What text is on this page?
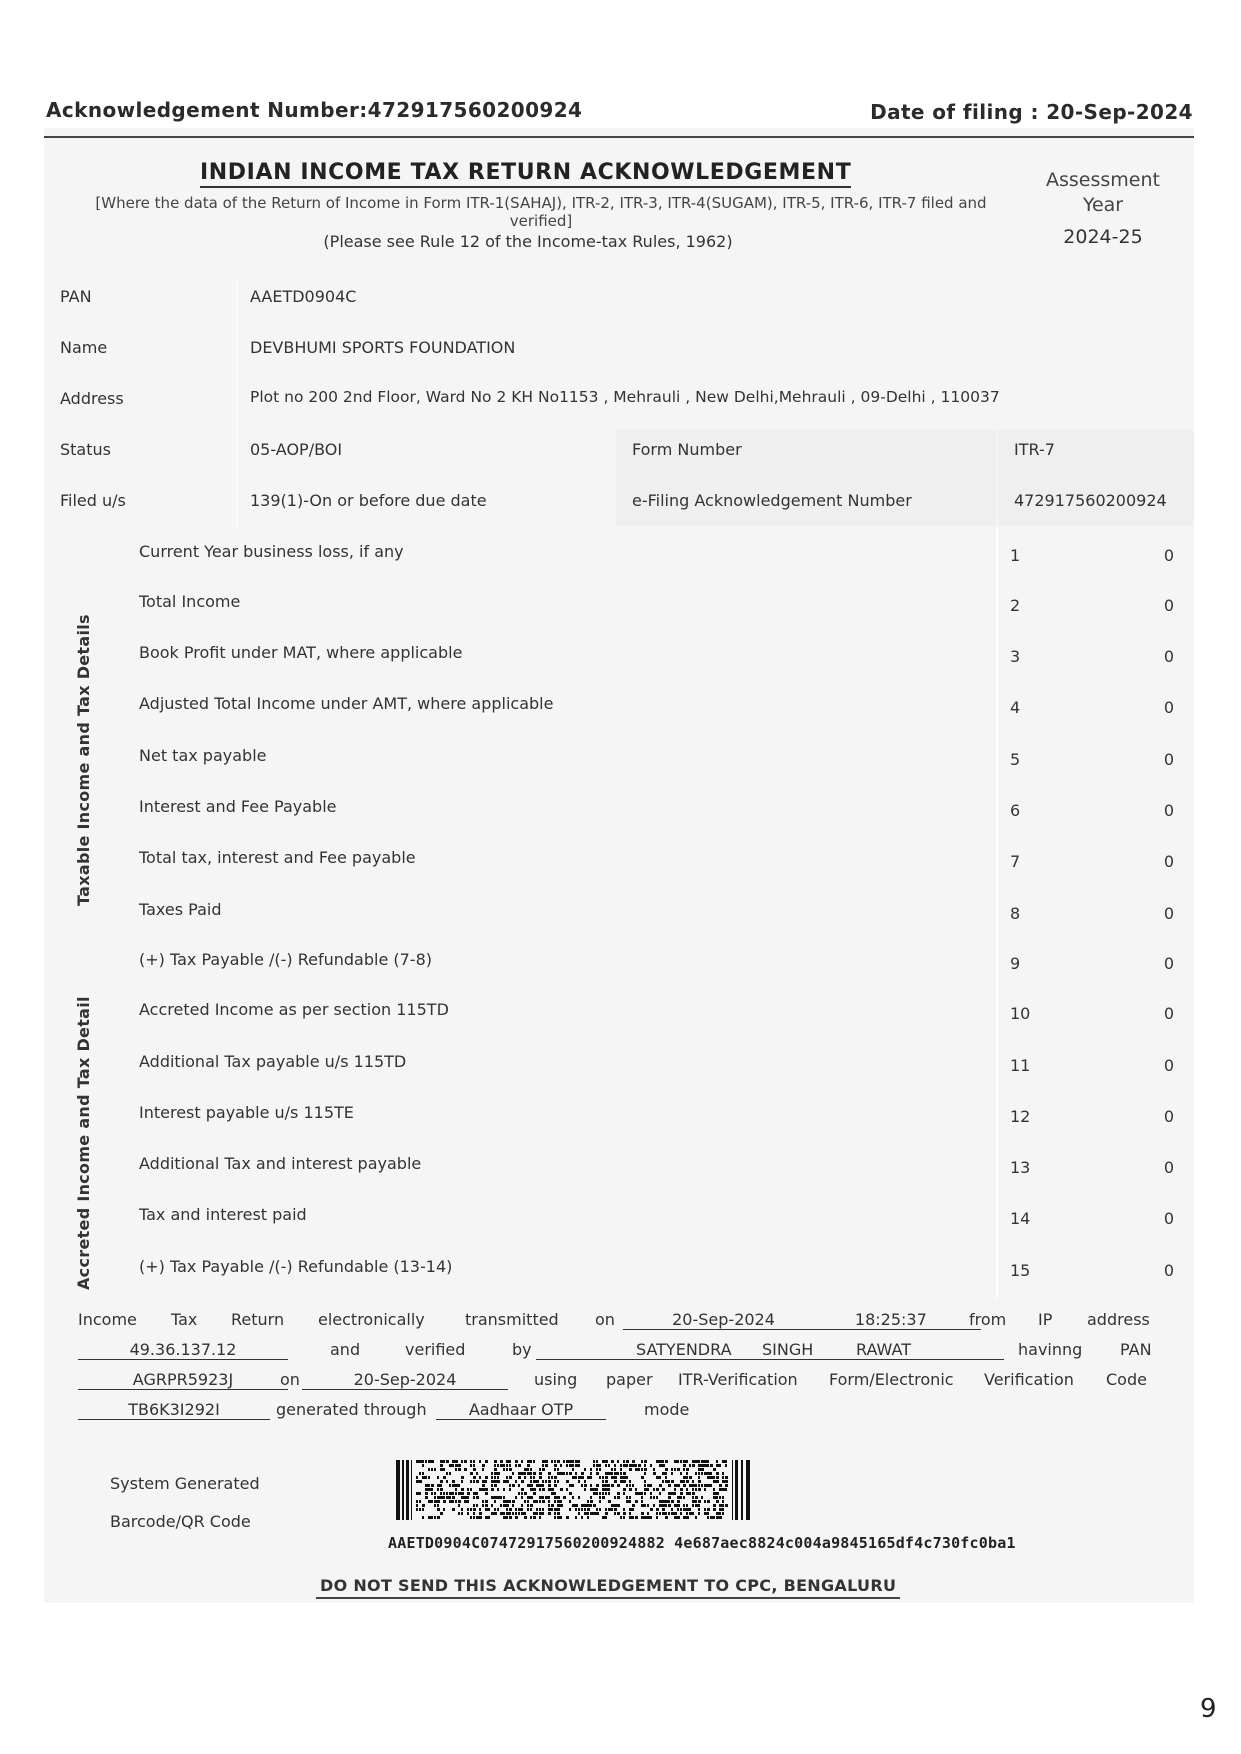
Acknowledgement Number:472917560200924	Date of filing : 20-Sep-2024
INDIAN INCOME TAX RETURN ACKNOWLEDGEMENT
[Where the data of the Return of Income in Form ITR-1(SAHAJ), ITR-2, ITR-3, ITR-4(SUGAM), ITR-5, ITR-6, ITR-7 filed and verified]
(Please see Rule 12 of the Income-tax Rules, 1962)
Assessment Year
2024-25
PAN	AAETD0904C
Name	DEVBHUMI SPORTS FOUNDATION
Address	Plot no 200 2nd Floor, Ward No 2 KH No1153 , Mehrauli , New Delhi,Mehrauli , 09-Delhi , 110037
Status	05-AOP/BOI	Form Number	ITR-7
Filed u/s	139(1)-On or before due date	e-Filing Acknowledgement Number	472917560200924
Taxable Income and Tax Details
Accreted Income and Tax Detail
Current Year business loss, if any	1	0
Total Income	2	0
Book Profit under MAT, where applicable	3	0
Adjusted Total Income under AMT, where applicable	4	0
Net tax payable	5	0
Interest and Fee Payable	6	0
Total tax, interest and Fee payable	7	0
Taxes Paid	8	0
(+) Tax Payable /(-) Refundable (7-8)	9	0
Accreted Income as per section 115TD	10	0
Additional Tax payable u/s 115TD	11	0
Interest payable u/s 115TE	12	0
Additional Tax and interest payable	13	0
Tax and interest paid	14	0
(+) Tax Payable /(-) Refundable (13-14)	15	0
Income Tax Return electronically	transmitted on	20-Sep-2024	18:25:37	from IP address
49.36.137.12	and	verified	by	SATYENDRA SINGH	RAWAT
	havinng PAN
AGRPR5923J	on	20-Sep-2024	using paper ITR-Verification Form/Electronic Verification Code
TB6K3I292I	generated through	Aadhaar OTP	mode
System Generated
Barcode/QR Code
AAETD0904C07472917560200924882 4e687aec8824c004a9845165df4c730fc0ba1
DO NOT SEND THIS ACKNOWLEDGEMENT TO CPC, BENGALURU
9
